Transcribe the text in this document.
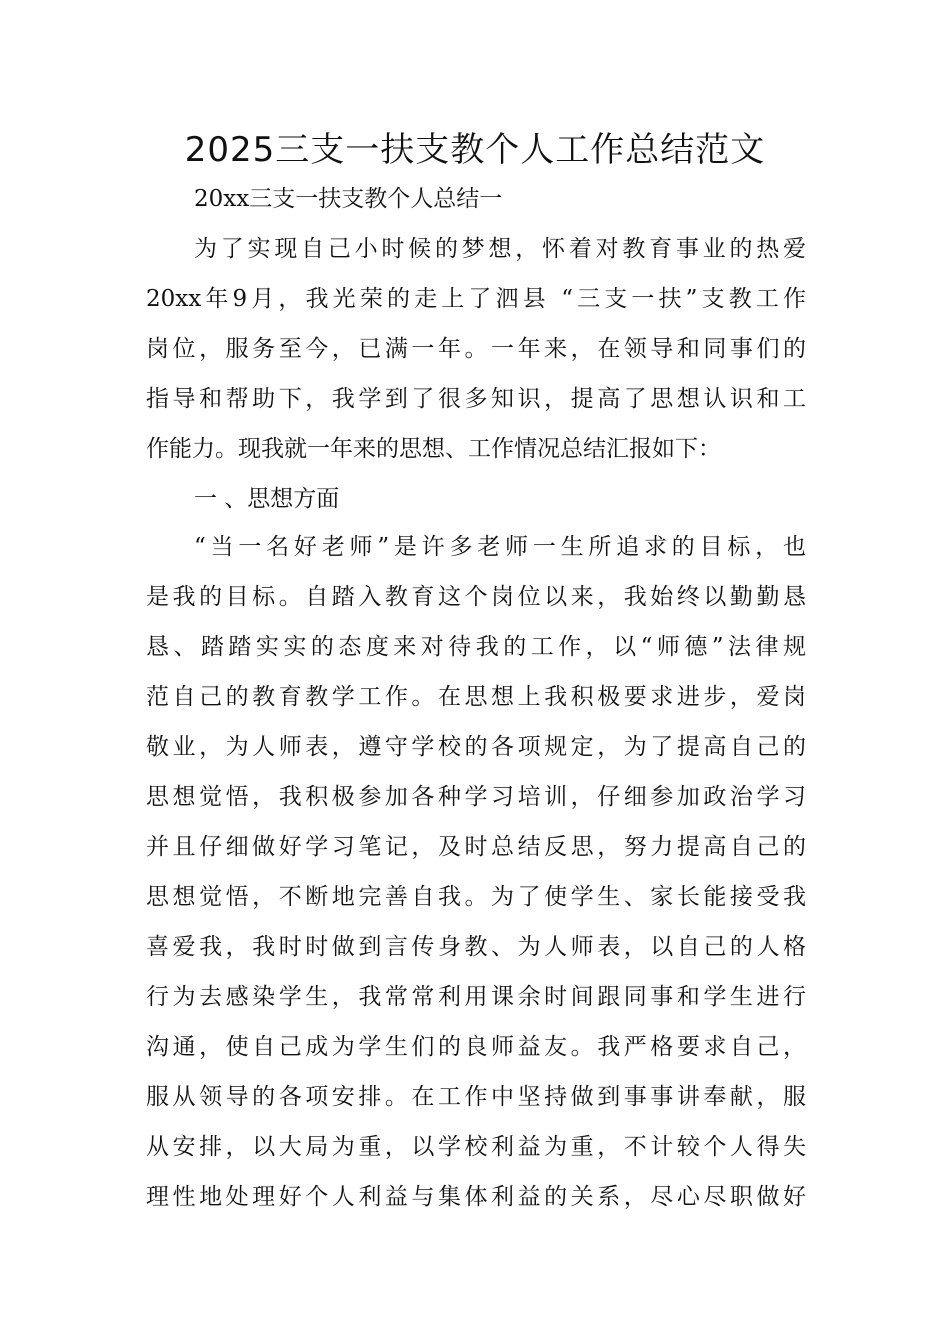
2025三支一扶支教个人工作总结范文

20xx三支一扶支教个人总结一

为了实现自己小时候的梦想，怀着对教育事业的热爱
20xx年9月，我光荣的走上了泗县 “三支一扶”支教工作
岗位，服务至今，已满一年。一年来，在领导和同事们的
指导和帮助下，我学到了很多知识，提高了思想认识和工
作能力。现我就一年来的思想、工作情况总结汇报如下：

一 、思想方面

“当一名好老师”是许多老师一生所追求的目标，也
是我的目标。自踏入教育这个岗位以来，我始终以勤勤恳
恳、踏踏实实的态度来对待我的工作，以“师德”法律规
范自己的教育教学工作。在思想上我积极要求进步，爱岗
敬业，为人师表，遵守学校的各项规定，为了提高自己的
思想觉悟，我积极参加各种学习培训，仔细参加政治学习
并且仔细做好学习笔记，及时总结反思，努力提高自己的
思想觉悟，不断地完善自我。为了使学生、家长能接受我
喜爱我，我时时做到言传身教、为人师表，以自己的人格
行为去感染学生，我常常利用课余时间跟同事和学生进行
沟通，使自己成为学生们的良师益友。我严格要求自己，
服从领导的各项安排。在工作中坚持做到事事讲奉献，服
从安排，以大局为重，以学校利益为重，不计较个人得失
理性地处理好个人利益与集体利益的关系，尽心尽职做好
